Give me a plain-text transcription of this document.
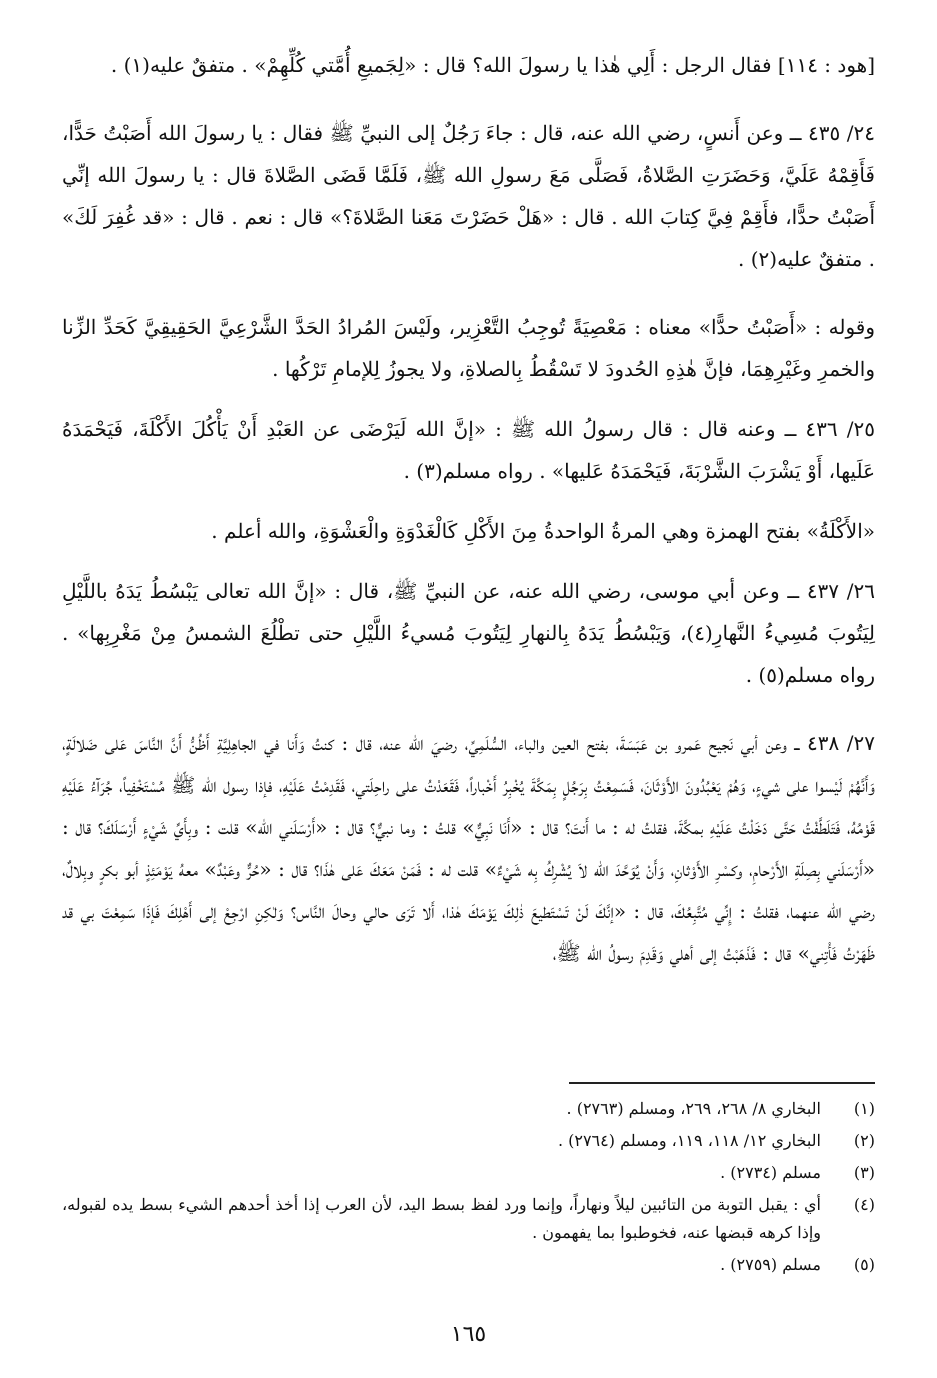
[هود : ١١٤] فقال الرجل : أَلِي هٰذا يا رسولَ الله؟ قال : «لِجَميعِ أُمَّتي كُلِّهِمْ» . متفقٌ عليه(١) .

٢٤/ ٤٣٥ ــ وعن أَنسٍ، رضي الله عنه، قال : جاءَ رَجُلٌ إلى النبيِّ ﷺ فقال : يا رسولَ الله أَصَبْتُ حَدًّا، فَأَقِمْهُ عَلَيَّ، وَحَضَرَتِ الصَّلاةُ، فَصَلَّى مَعَ رسولِ الله ﷺ، فَلَمَّا قَضَى الصَّلاةَ قال : يا رسولَ الله إنِّي أَصَبْتُ حدًّا، فأَقِمْ فِيَّ كِتابَ الله . قال : «هَلْ حَضَرْتَ مَعَنا الصَّلاةَ؟» قال : نعم . قال : «قد غُفِرَ لَكَ» . متفقٌ عليه(٢) .

وقوله : «أَصَبْتُ حدًّا» معناه : مَعْصِيَةً تُوجِبُ التَّعْزِير، ولَيْسَ المُرادُ الحَدَّ الشَّرْعِيَّ الحَقِيقِيَّ كَحَدِّ الزِّنا والخمرِ وغَيْرِهِمَا، فإنَّ هٰذِهِ الحُدودَ لا تَسْقُطُ بِالصلاةِ، ولا يجوزُ لِلإمامِ تَرْكُها .

٢٥/ ٤٣٦ ــ وعنه قال : قال رسولُ الله ﷺ : «إنَّ الله لَيَرْضَى عن العَبْدِ أَنْ يَأْكُلَ الأَكْلَةَ، فَيَحْمَدَهُ عَلَيها، أَوْ يَشْرَبَ الشَّرْبَةَ، فَيَحْمَدَهُ عَليها» . رواه مسلم(٣) .

«الأَكْلَةُ» بفتح الهمزة وهي المرةُ الواحدةُ مِنَ الأَكْلِ كَالْغَدْوَةِ والْعَشْوَةِ، والله أعلم .

٢٦/ ٤٣٧ ــ وعن أبي موسى، رضي الله عنه، عن النبيِّ ﷺ، قال : «إنَّ الله تعالى يَبْسُطُ يَدَهُ باللَّيْلِ لِيَتُوبَ مُسِيءُ النَّهارِ(٤)، وَيَبْسُطُ يَدَهُ بِالنهارِ لِيَتُوبَ مُسيءُ اللَّيْلِ حتى تطْلُعَ الشمسُ مِنْ مَغْرِبِها» . رواه مسلم(٥) .

٢٧/ ٤٣٨ ــ وعن أبي نَجيح عَمرو بن عَبَسَةَ، بفتح العين والباء، السُّلَمِيِّ، رضيَ الله عنه، قال : كنتُ وَأَنا في الجاهِلِيَّةِ أَظُنُّ أَنَّ النَّاسَ عَلى ضَلالَةٍ، وَأَنَّهُمْ لَيْسوا على شيءٍ، وَهُمْ يَعْبُدُونَ الأَوْثَانَ، فَسَمِعْتُ بِرَجُلٍ بِمَكَّةَ يُخْبِرُ أَخْباراً، فَقَعَدْتُ على راحِلَتي، فَقَدِمْتُ عَلَيْهِ، فإذا رسول الله ﷺ مُسْتَخْفِياً، جُرَآءُ عَلَيْهِ قَوْمُهُ، فَتَلَطَّفْتُ حَتَّى دَخَلْتُ عَلَيْهِ بمكَّةَ، فقلتُ له : ما أَنتَ؟ قال : «أَنَا نَبِيٌّ» قلتُ : وما نبيٌّ؟ قال : «أَرْسَلَني الله» قلت : وبِأَيِّ شَيْءٍ أَرْسَلَكَ؟ قال : «أَرْسَلَني بِصِلَةِ الأَرْحامِ، وكسْرِ الأَوْثانِ، وَأَنْ يُوَحَّدَ الله لاَ يُشْرِكُ بِه شَيْءٌ» قلت له : فَمَنْ مَعَكَ عَلى هٰذَا؟ قال : «حُرٌّ وعَبْدٌ» معهُ يَوْمَئِذٍ أبو بكرٍ وبِلالٌ، رضي الله عنهما، فقلتُ : إِنِّي مُتَّبِعُكَ، قال : «إنَّكَ لَنْ تَسْتَطيعَ ذٰلِكَ يَوْمَكَ هٰذا، أَلا تَرَى حالي وحالَ النَّاس؟ وَلٰكِنِ ارْجِعْ إلى أَهْلِكَ فَإذَا سَمِعْتَ بي قد ظَهَرْتُ فَأْتِني» قال : فَذَهَبْتُ إلى أهلي وَقَدِمَ رسولُ الله ﷺ،

(١)
البخاري ٨/ ٢٦٨، ٢٦٩، ومسلم (٢٧٦٣) .
(٢)
البخاري ١٢/ ١١٨، ١١٩، ومسلم (٢٧٦٤) .
(٣)
مسلم (٢٧٣٤) .
(٤)
أي : يقبل التوبة من التائبين ليلاً ونهاراً، وإنما ورد لفظ بسط اليد، لأن العرب إذا أخذ أحدهم الشيء بسط يده لقبوله، وإذا كرهه قبضها عنه، فخوطبوا بما يفهمون .
(٥)
مسلم (٢٧٥٩) .
١٦٥
